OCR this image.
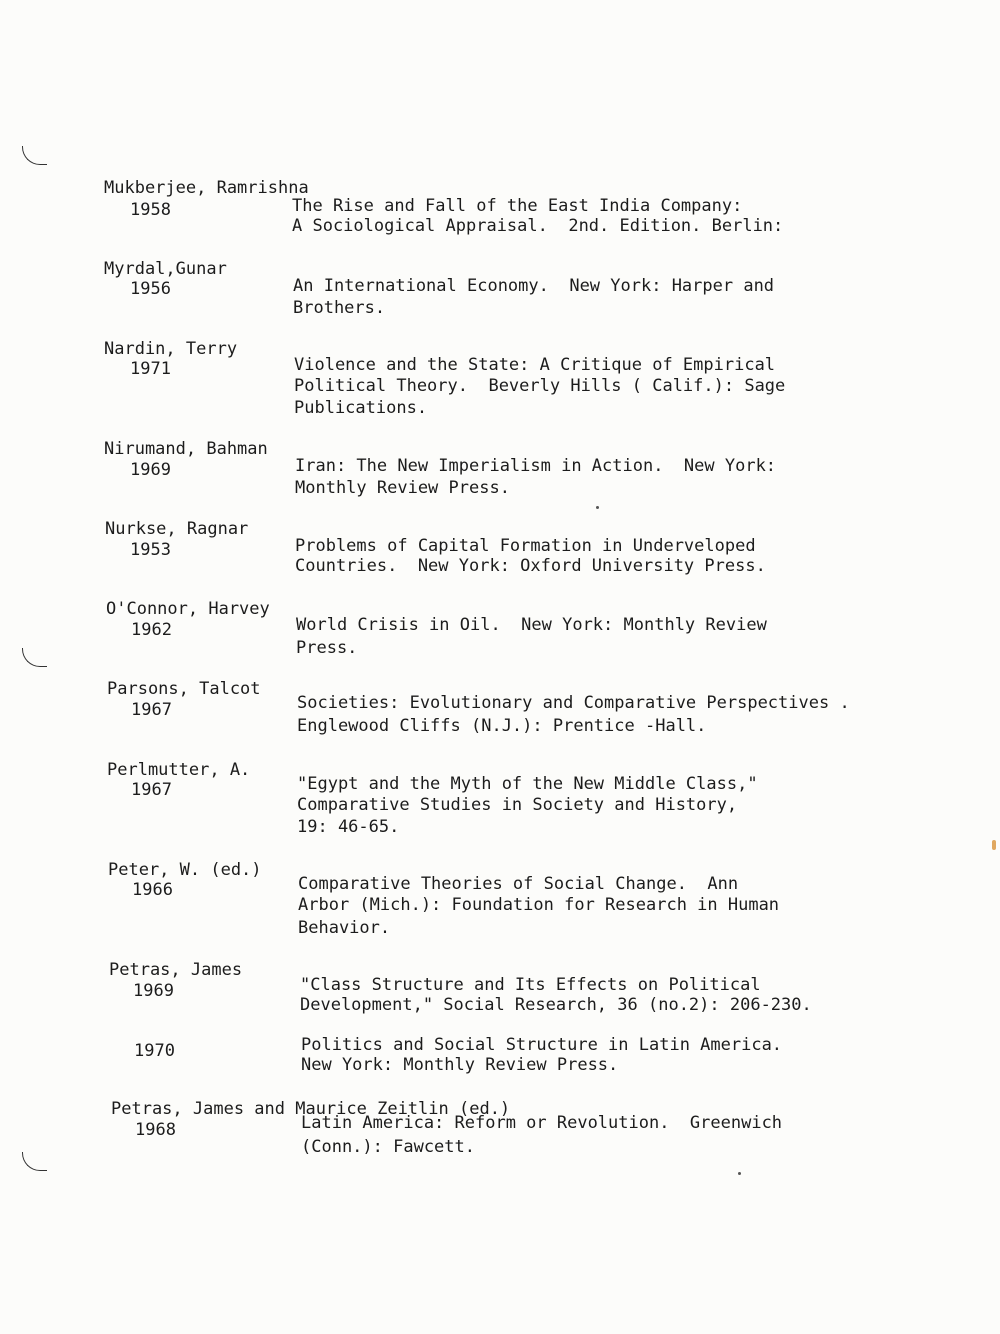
Mukberjee, Ramrishna

1958

	The Rise and Fall of the East India Company:

A Sociological Appraisal.  2nd. Edition. Berlin:

Myrdal,Gunar

1956

	An International Economy.  New York: Harper and

Brothers.

Nardin, Terry

1971

	Violence and the State: A Critique of Empirical

Political Theory.  Beverly Hills ( Calif.): Sage

Publications.

Nirumand, Bahman

1969

	Iran: The New Imperialism in Action.  New York:

Monthly Review Press.

Nurkse, Ragnar

1953

	Problems of Capital Formation in Underveloped

Countries.  New York: Oxford University Press.

O'Connor, Harvey

1962

	World Crisis in Oil.  New York: Monthly Review

Press.

Parsons, Talcot

1967

	Societies: Evolutionary and Comparative Perspectives .

Englewood Cliffs (N.J.): Prentice -Hall.

Perlmutter, A.

1967

	"Egypt and the Myth of the New Middle Class,"

Comparative Studies in Society and History,

19: 46-65.

Peter, W. (ed.)

1966

	Comparative Theories of Social Change.  Ann

Arbor (Mich.): Foundation for Research in Human

Behavior.

Petras, James

1969

	"Class Structure and Its Effects on Political

Development," Social Research, 36 (no.2): 206-230.

1970

	Politics and Social Structure in Latin America.

New York: Monthly Review Press.

Petras, James and Maurice Zeitlin (ed.)

1968

	Latin America: Reform or Revolution.  Greenwich

(Conn.): Fawcett.
